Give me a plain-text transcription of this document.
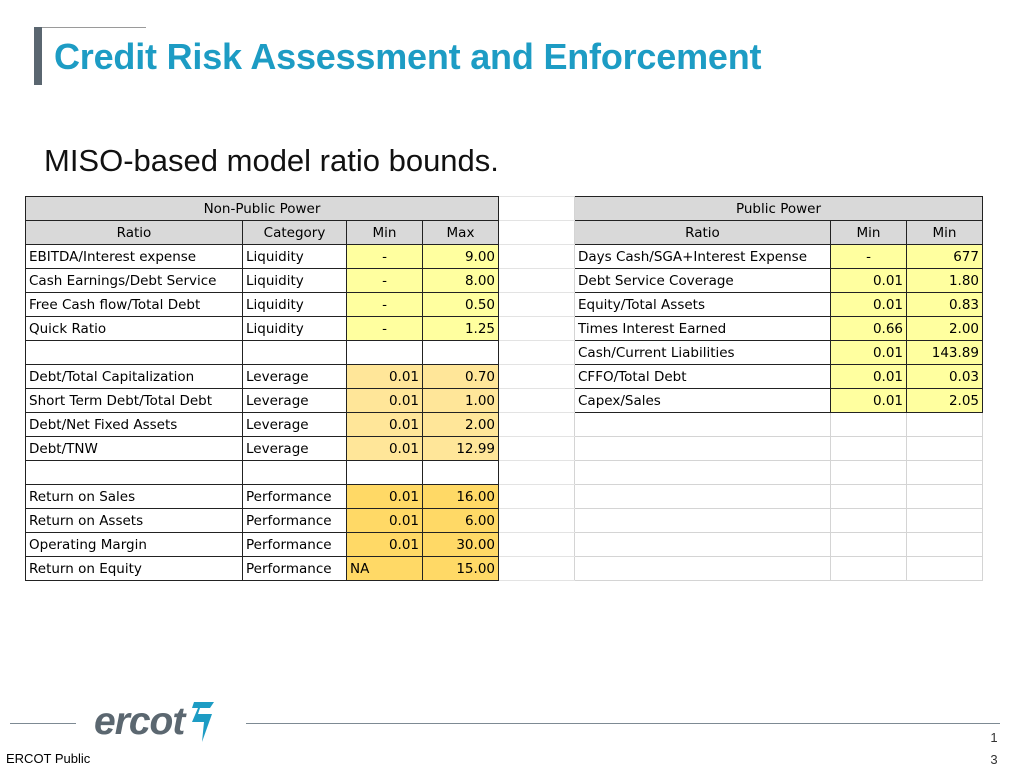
Credit Risk Assessment and Enforcement
MISO-based model ratio bounds.
Non-Public Power					Public Power		
Ratio	Category	Min	Max		Ratio	Min	Min
EBITDA/Interest expense	Liquidity	-	9.00		Days Cash/SGA+Interest Expense	-	677
Cash Earnings/Debt Service	Liquidity	-	8.00		Debt Service Coverage	0.01	1.80
Free Cash flow/Total Debt	Liquidity	-	0.50		Equity/Total Assets	0.01	0.83
Quick Ratio	Liquidity	-	1.25		Times Interest Earned	0.66	2.00
					Cash/Current Liabilities	0.01	143.89
Debt/Total Capitalization	Leverage	0.01	0.70		CFFO/Total Debt	0.01	0.03
Short Term Debt/Total Debt	Leverage	0.01	1.00		Capex/Sales	0.01	2.05
Debt/Net Fixed Assets	Leverage	0.01	2.00				
Debt/TNW	Leverage	0.01	12.99				

Return on Sales	Performance	0.01	16.00				
Return on Assets	Performance	0.01	6.00				
Operating Margin	Performance	0.01	30.00				
Return on Equity	Performance	NA	15.00				
ercot
ERCOT Public
1
3
